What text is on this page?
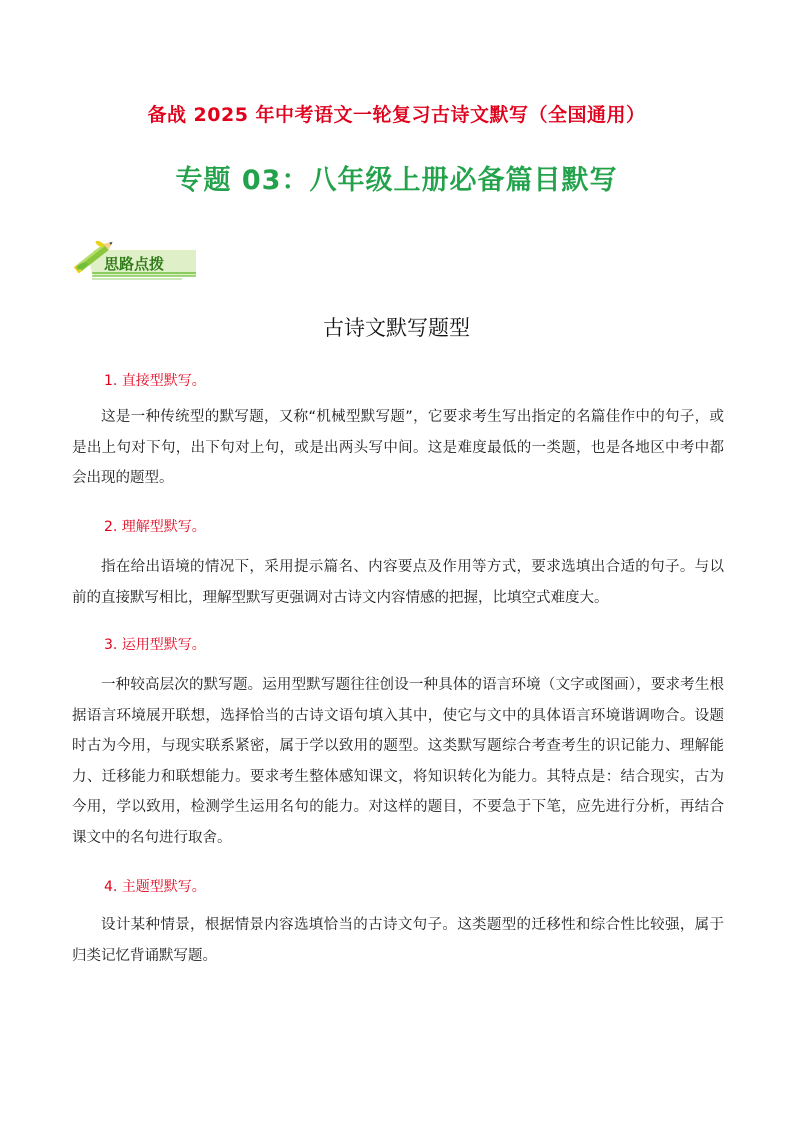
备战 2025 年中考语文一轮复习古诗文默写（全国通用）
专题 03：八年级上册必备篇目默写
思路点拨
古诗文默写题型
1. 直接型默写。

这是一种传统型的默写题，又称“机械型默写题”，它要求考生写出指定的名篇佳作中的句子，或是出上句对下句，出下句对上句，或是出两头写中间。这是难度最低的一类题，也是各地区中考中都会出现的题型。

2. 理解型默写。

指在给出语境的情况下，采用提示篇名、内容要点及作用等方式，要求选填出合适的句子。与以前的直接默写相比，理解型默写更强调对古诗文内容情感的把握，比填空式难度大。

3. 运用型默写。

一种较高层次的默写题。运用型默写题往往创设一种具体的语言环境（文字或图画），要求考生根据语言环境展开联想，选择恰当的古诗文语句填入其中，使它与文中的具体语言环境谐调吻合。设题时古为今用，与现实联系紧密，属于学以致用的题型。这类默写题综合考查考生的识记能力、理解能力、迁移能力和联想能力。要求考生整体感知课文，将知识转化为能力。其特点是：结合现实，古为今用，学以致用，检测学生运用名句的能力。对这样的题目，不要急于下笔，应先进行分析，再结合课文中的名句进行取舍。

4. 主题型默写。

设计某种情景，根据情景内容选填恰当的古诗文句子。这类题型的迁移性和综合性比较强，属于归类记忆背诵默写题。
